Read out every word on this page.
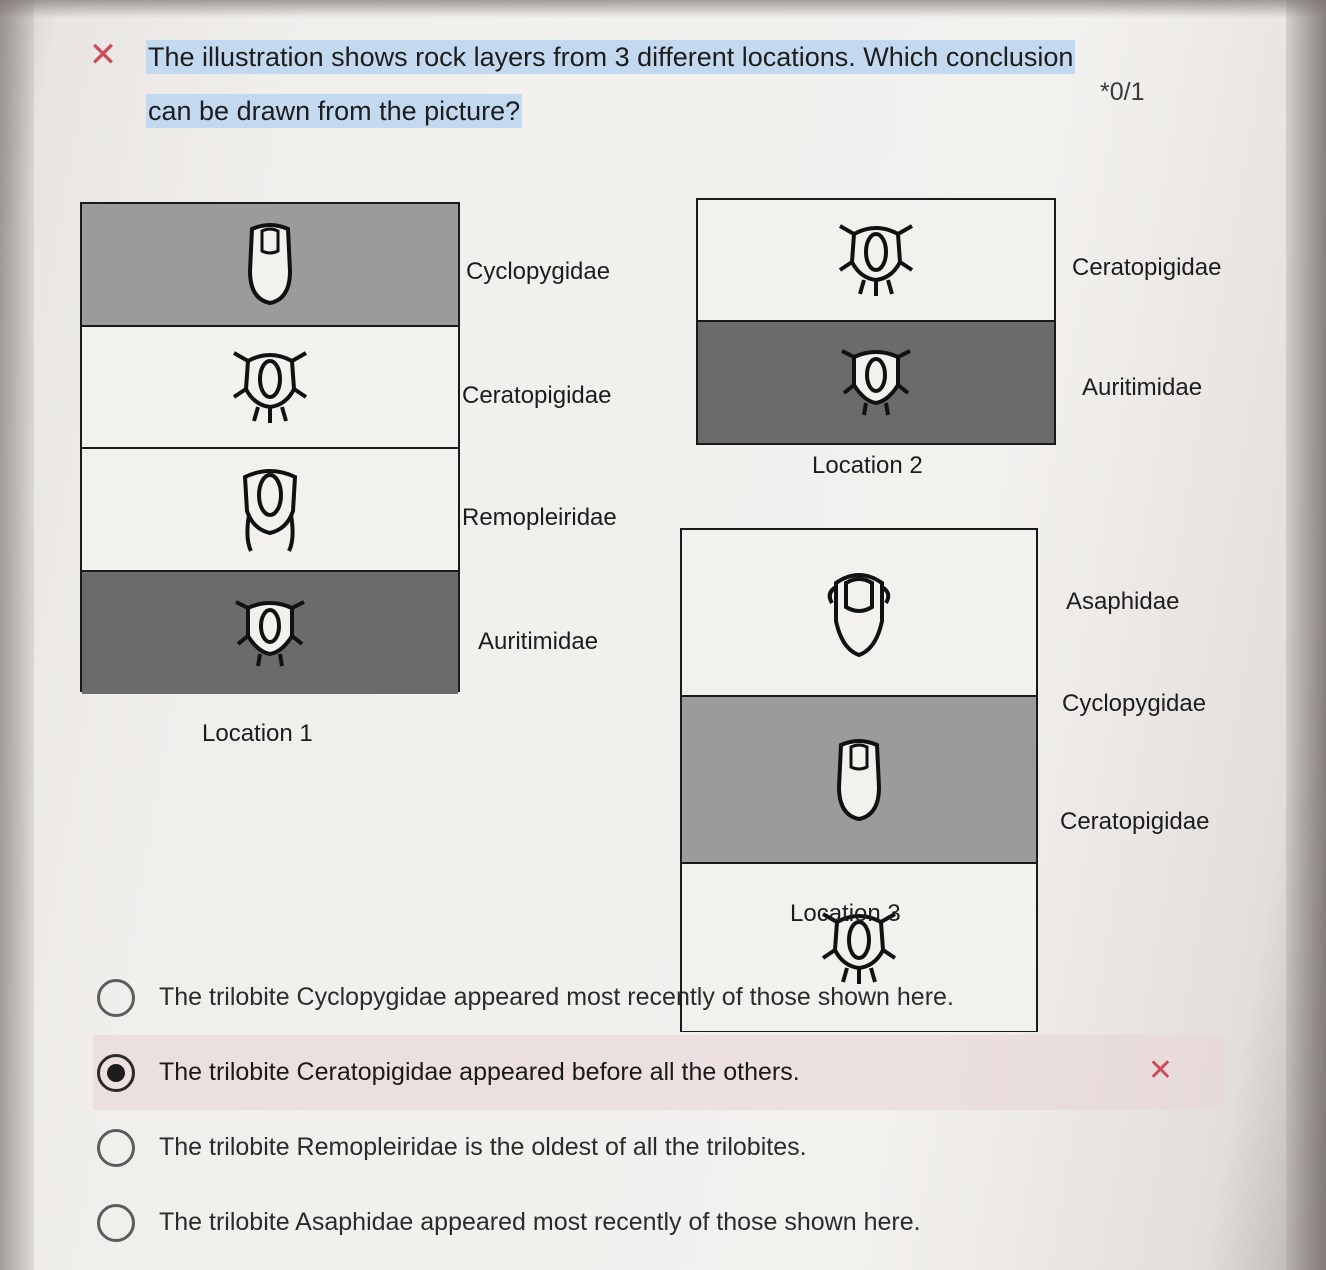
✕ The illustration shows rock layers from 3 different locations. Which conclusion can be drawn from the picture?
*0/1
Cyclopygidae
Ceratopigidae
Remopleiridae
Auritimidae
Location 1
Ceratopigidae
Auritimidae
Location 2
Asaphidae
Cyclopygidae
Ceratopigidae
Location 3
The trilobite Cyclopygidae appeared most recently of those shown here.
The trilobite Ceratopigidae appeared before all the others.	✕
The trilobite Remopleiridae is the oldest of all the trilobites.
The trilobite Asaphidae appeared most recently of those shown here.
